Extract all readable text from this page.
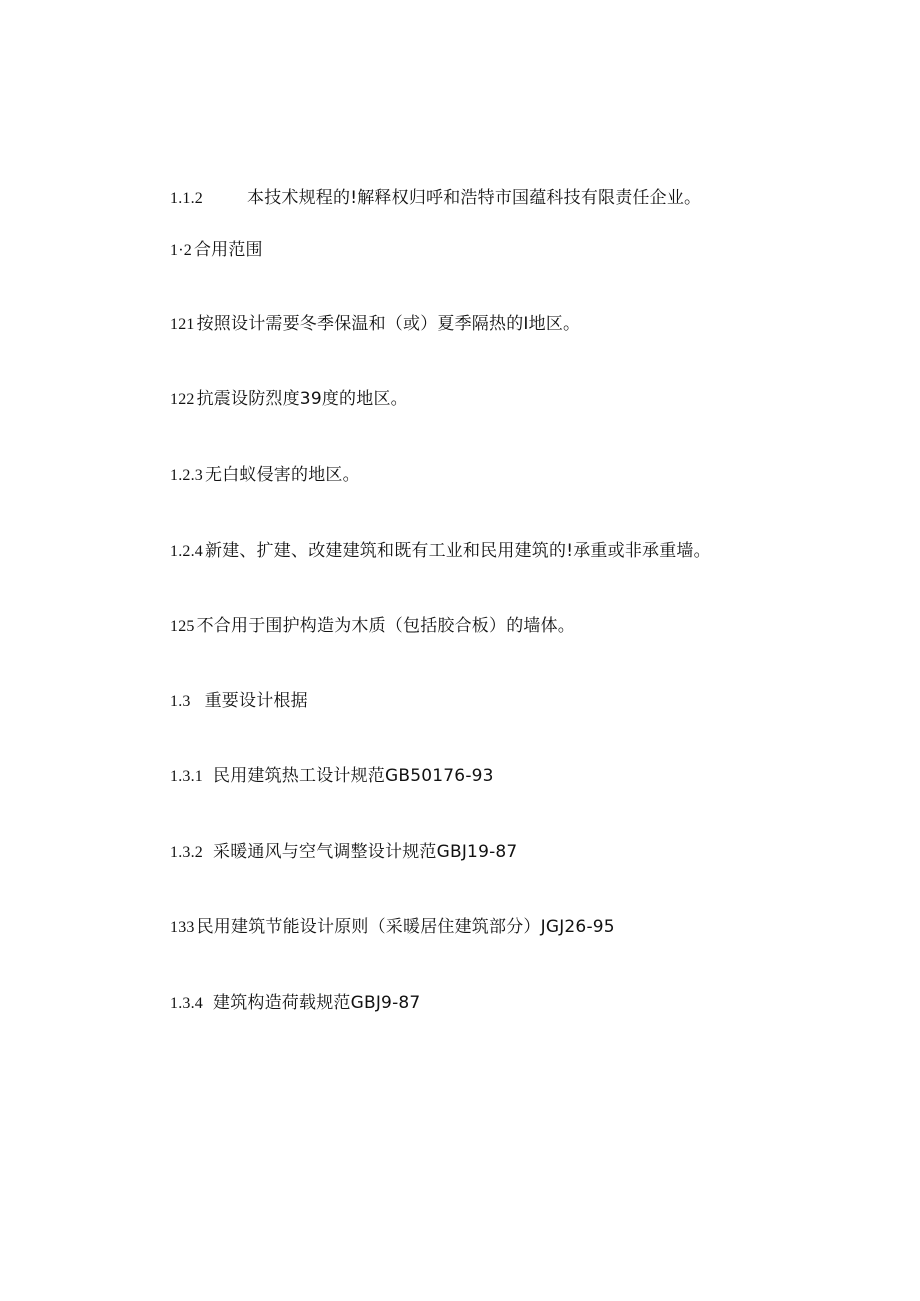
1.1.2	本技术规程的!解释权归呼和浩特市国蕴科技有限责任企业。
1·2 合用范围
121 按照设计需要冬季保温和（或）夏季隔热的I地区。
122 抗震设防烈度39度的地区。
1.2.3 无白蚁侵害的地区。
1.2.4 新建、扩建、改建建筑和既有工业和民用建筑的!承重或非承重墙。
125 不合用于围护构造为木质（包括胶合板）的墙体。
1.3 重要设计根据
1.3.1 民用建筑热工设计规范GB50176-93
1.3.2 采暖通风与空气调整设计规范GBJ19-87
133 民用建筑节能设计原则（采暖居住建筑部分）JGJ26-95
1.3.4 建筑构造荷载规范GBJ9-87
